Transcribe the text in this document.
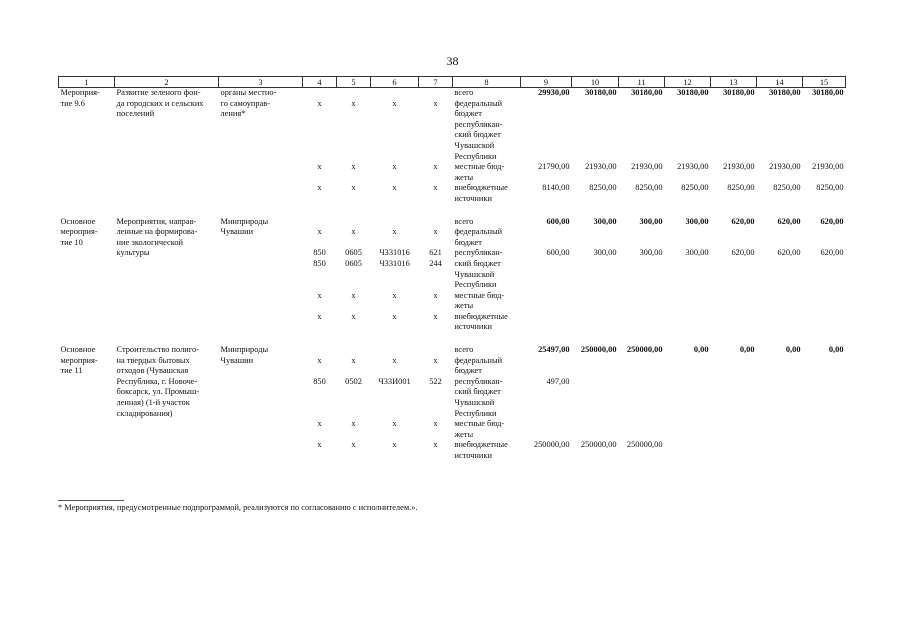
38
1	2	3	4	5	6	7	8	9	10	11	12	13	14	15
Мероприя-	Развитие зеленого фон-	органы местно-					всего	29930,00	30180,00	30180,00	30180,00	30180,00	30180,00	30180,00
тие 9.6	да городских и сельских	го самоуправ-	x	x	x	x	федеральный							
	поселений	ления*					бюджет							
							республикан-							
							ский бюджет							
							Чувашской							
							Республики							
			x	x	x	x	местные бюд-	21790,00	21930,00	21930,00	21930,00	21930,00	21930,00	21930,00
							жеты							
			x	x	x	x	внебюджетные	8140,00	8250,00	8250,00	8250,00	8250,00	8250,00	8250,00
							источники							

Основное	Мероприятия, направ-	Минприроды					всего	600,00	300,00	300,00	300,00	620,00	620,00	620,00
мероприя-	ленные на формирова-	Чувашии	x	x	x	x	федеральный							
тие 10	ние экологической						бюджет							
	культуры		850	0605	Ч331016	621	республикан-	600,00	300,00	300,00	300,00	620,00	620,00	620,00
			850	0605	Ч331016	244	ский бюджет							
							Чувашской							
							Республики							
			x	x	x	x	местные бюд-							
							жеты							
			x	x	x	x	внебюджетные							
							источники							

Основное	Строительство полиго-	Минприроды					всего	25497,00	250000,00	250000,00	0,00	0,00	0,00	0,00
мероприя-	на твердых бытовых	Чувашии	x	x	x	x	федеральный							
тие 11	отходов (Чувашская						бюджет							
	Республика, г. Новоче-		850	0502	Ч33И001	522	республикан-	497,00						
	боксарск, ул. Промыш-						ский бюджет							
	ленная) (1-й участок						Чувашской							
	складирования)						Республики							
			x	x	x	x	местные бюд-							
							жеты							
			x	x	x	x	внебюджетные	250000,00	250000,00	250000,00				
							источники							
* Мероприятия, предусмотренные подпрограммой, реализуются по согласованию с исполнителем.».
